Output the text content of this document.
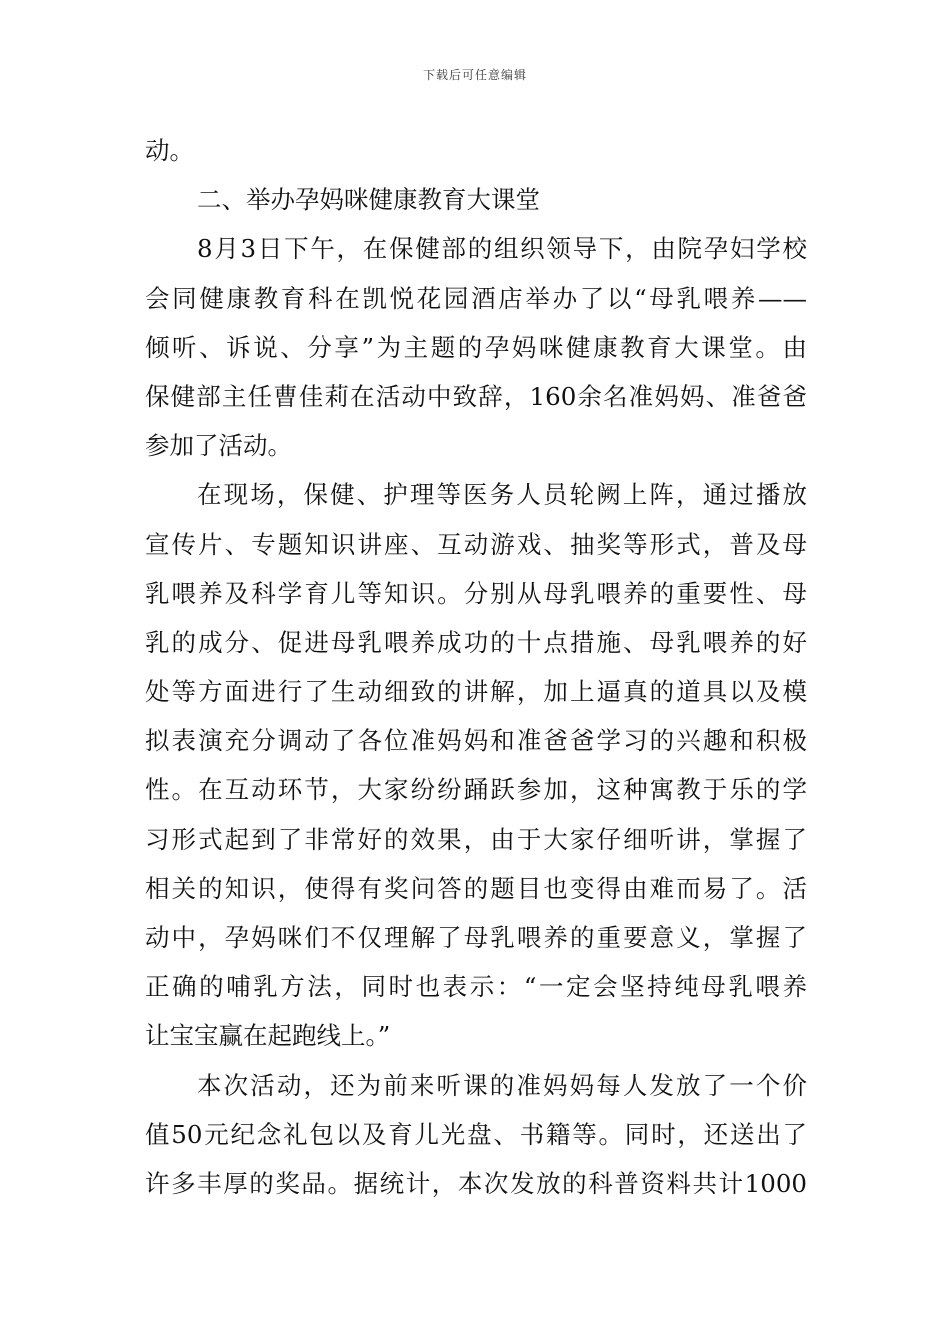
下载后可任意编辑
动。
二、举办孕妈咪健康教育大课堂
8月3日下午，在保健部的组织领导下，由院孕妇学校
会同健康教育科在凯悦花园酒店举办了以“母乳喂养——
倾听、诉说、分享”为主题的孕妈咪健康教育大课堂。由
保健部主任曹佳莉在活动中致辞，160余名准妈妈、准爸爸
参加了活动。
在现场，保健、护理等医务人员轮阙上阵，通过播放
宣传片、专题知识讲座、互动游戏、抽奖等形式，普及母
乳喂养及科学育儿等知识。分别从母乳喂养的重要性、母
乳的成分、促进母乳喂养成功的十点措施、母乳喂养的好
处等方面进行了生动细致的讲解，加上逼真的道具以及模
拟表演充分调动了各位准妈妈和准爸爸学习的兴趣和积极
性。在互动环节，大家纷纷踊跃参加，这种寓教于乐的学
习形式起到了非常好的效果，由于大家仔细听讲，掌握了
相关的知识，使得有奖问答的题目也变得由难而易了。活
动中，孕妈咪们不仅理解了母乳喂养的重要意义，掌握了
正确的哺乳方法，同时也表示：“一定会坚持纯母乳喂养
让宝宝赢在起跑线上。”
本次活动，还为前来听课的准妈妈每人发放了一个价
值50元纪念礼包以及育儿光盘、书籍等。同时，还送出了
许多丰厚的奖品。据统计，本次发放的科普资料共计1000
